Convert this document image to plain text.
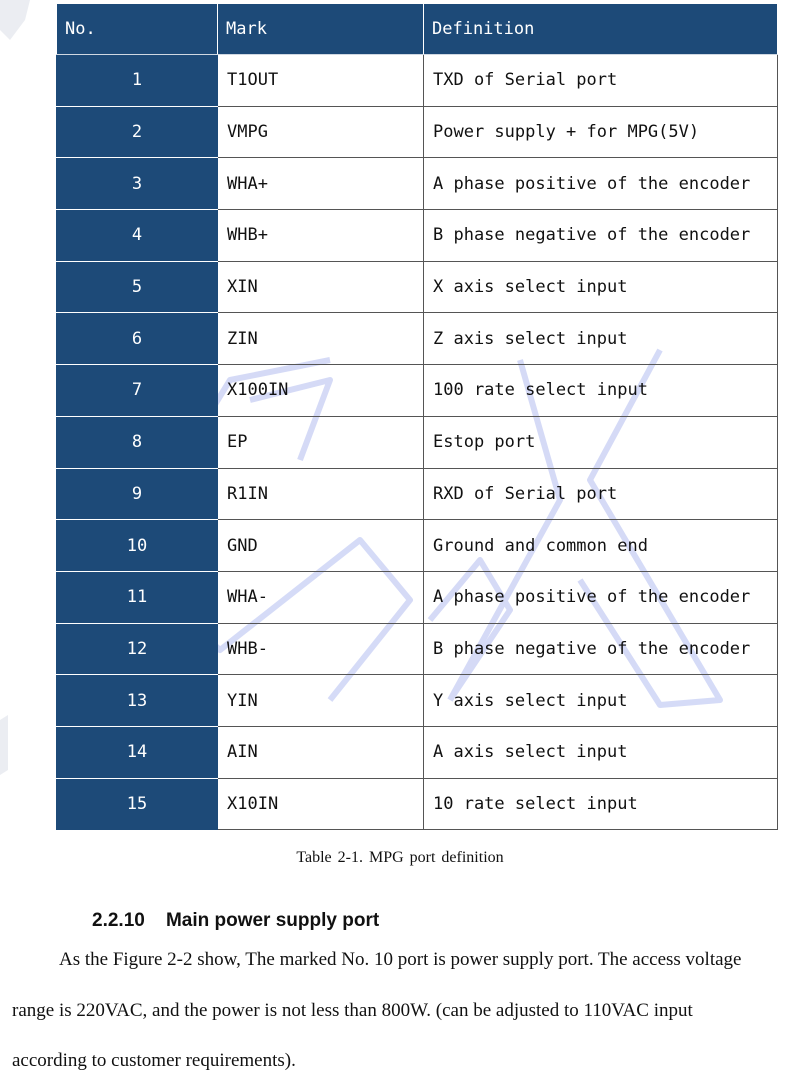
No.	Mark	Definition
1	T1OUT	TXD of Serial port
2	VMPG	Power supply + for MPG(5V)
3	WHA+	A phase positive of the encoder
4	WHB+	B phase negative of the encoder
5	XIN	X axis select input
6	ZIN	Z axis select input
7	X100IN	100 rate select input
8	EP	Estop port
9	R1IN	RXD of Serial port
10	GND	Ground and common end
11	WHA-	A phase positive of the encoder
12	WHB-	B phase negative of the encoder
13	YIN	Y axis select input
14	AIN	A axis select input
15	X10IN	10 rate select input
Table 2-1. MPG port definition
2.2.10    Main power supply port
As the Figure 2-2 show, The marked No. 10 port is power supply port. The access voltage
range is 220VAC, and the power is not less than 800W. (can be adjusted to 110VAC input
according to customer requirements).
